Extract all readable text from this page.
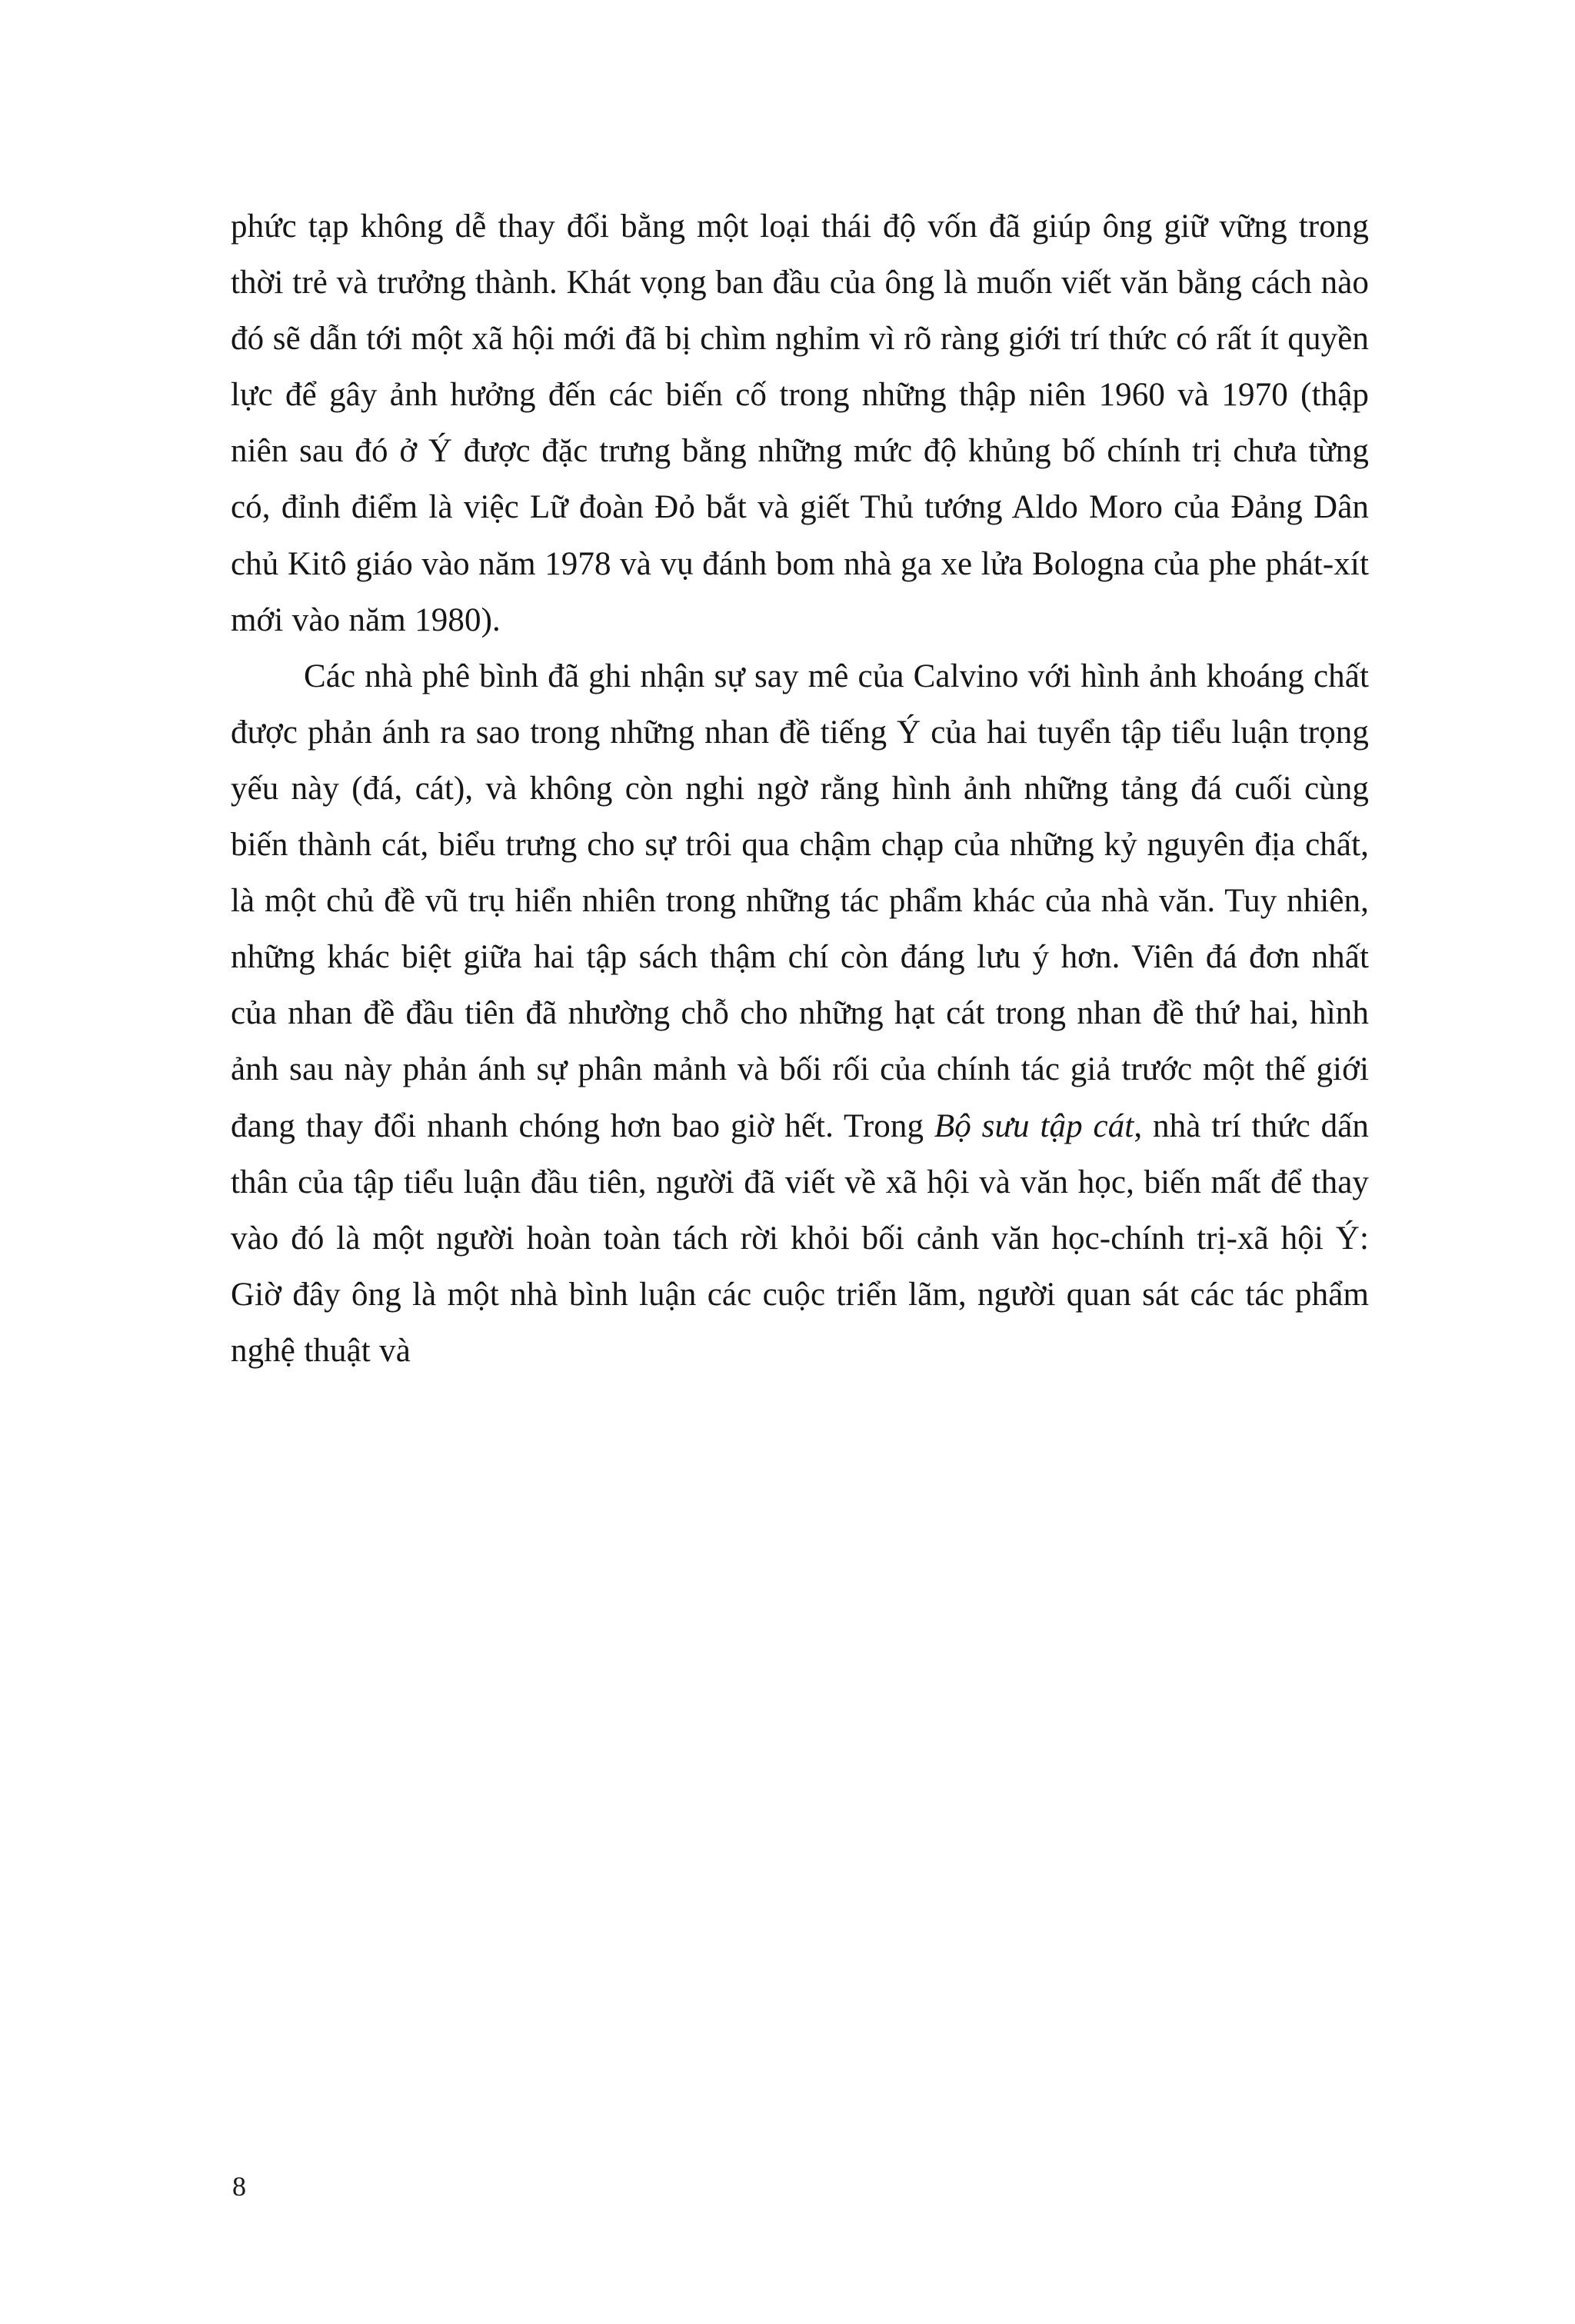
phức tạp không dễ thay đổi bằng một loại thái độ vốn đã giúp ông giữ vững trong thời trẻ và trưởng thành. Khát vọng ban đầu của ông là muốn viết văn bằng cách nào đó sẽ dẫn tới một xã hội mới đã bị chìm nghỉm vì rõ ràng giới trí thức có rất ít quyền lực để gây ảnh hưởng đến các biến cố trong những thập niên 1960 và 1970 (thập niên sau đó ở Ý được đặc trưng bằng những mức độ khủng bố chính trị chưa từng có, đỉnh điểm là việc Lữ đoàn Đỏ bắt và giết Thủ tướng Aldo Moro của Đảng Dân chủ Kitô giáo vào năm 1978 và vụ đánh bom nhà ga xe lửa Bologna của phe phát-xít mới vào năm 1980).

Các nhà phê bình đã ghi nhận sự say mê của Calvino với hình ảnh khoáng chất được phản ánh ra sao trong những nhan đề tiếng Ý của hai tuyển tập tiểu luận trọng yếu này (đá, cát), và không còn nghi ngờ rằng hình ảnh những tảng đá cuối cùng biến thành cát, biểu trưng cho sự trôi qua chậm chạp của những kỷ nguyên địa chất, là một chủ đề vũ trụ hiển nhiên trong những tác phẩm khác của nhà văn. Tuy nhiên, những khác biệt giữa hai tập sách thậm chí còn đáng lưu ý hơn. Viên đá đơn nhất của nhan đề đầu tiên đã nhường chỗ cho những hạt cát trong nhan đề thứ hai, hình ảnh sau này phản ánh sự phân mảnh và bối rối của chính tác giả trước một thế giới đang thay đổi nhanh chóng hơn bao giờ hết. Trong Bộ sưu tập cát, nhà trí thức dấn thân của tập tiểu luận đầu tiên, người đã viết về xã hội và văn học, biến mất để thay vào đó là một người hoàn toàn tách rời khỏi bối cảnh văn học-chính trị-xã hội Ý: Giờ đây ông là một nhà bình luận các cuộc triển lãm, người quan sát các tác phẩm nghệ thuật và

8
